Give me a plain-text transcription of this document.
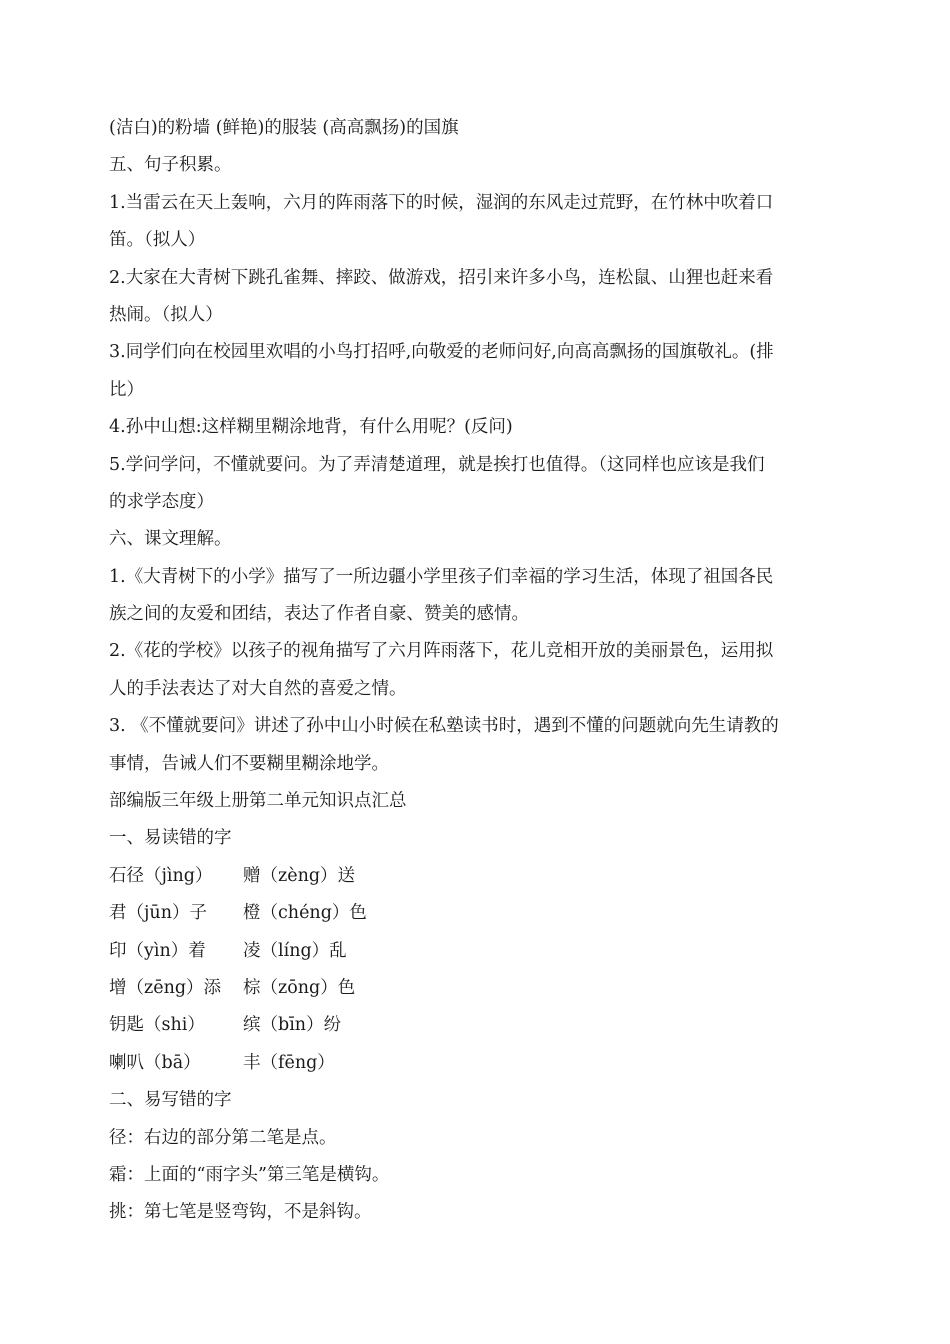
(洁白)的粉墙 (鲜艳)的服装 (高高飘扬)的国旗

五、句子积累。

1.当雷云在天上轰响，六月的阵雨落下的时候，湿润的东风走过荒野，在竹林中吹着口

笛。（拟人）

2.大家在大青树下跳孔雀舞、摔跤、做游戏，招引来许多小鸟，连松鼠、山狸也赶来看

热闹。（拟人）

3.同学们向在校园里欢唱的小鸟打招呼,向敬爱的老师问好,向高高飘扬的国旗敬礼。(排

比）

4.孙中山想:这样糊里糊涂地背，有什么用呢？(反问)

5.学问学问，不懂就要问。为了弄清楚道理，就是挨打也值得。（这同样也应该是我们

的求学态度）

六、课文理解。

1.《大青树下的小学》描写了一所边疆小学里孩子们幸福的学习生活，体现了祖国各民

族之间的友爱和团结，表达了作者自豪、赞美的感情。

2.《花的学校》以孩子的视角描写了六月阵雨落下，花儿竞相开放的美丽景色，运用拟

人的手法表达了对大自然的喜爱之情。

3. 《不懂就要问》讲述了孙中山小时候在私塾读书时，遇到不懂的问题就向先生请教的

事情，告诫人们不要糊里糊涂地学。

部编版三年级上册第二单元知识点汇总

一、易读错的字

石径（jìng）	赠（zèng）送
君（jūn）子	橙（chéng）色
印（yìn）着	凌（líng）乱
增（zēng）添	棕（zōng）色
钥匙（shi）	缤（bīn）纷
喇叭（bā）	丰（fēng）

二、易写错的字

径：右边的部分第二笔是点。

霜：上面的“雨字头”第三笔是横钩。

挑：第七笔是竖弯钩，不是斜钩。
